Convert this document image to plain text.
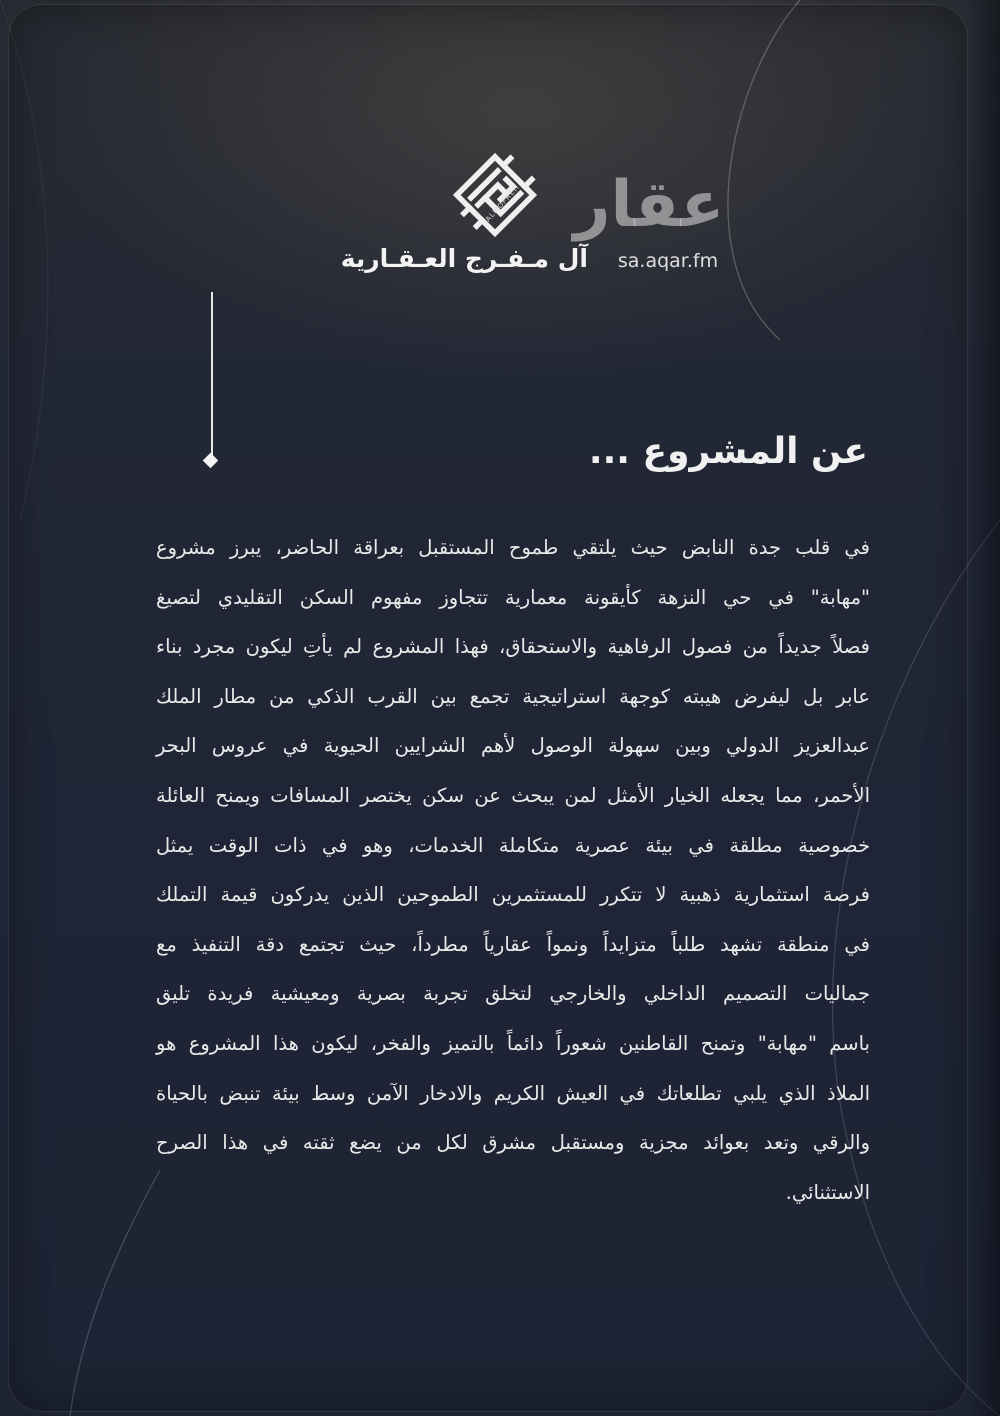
ALMOFREH
آل مـفـرج العـقـارية
عقار
sa.aqar.fm
عن المشروع ...
في قلب جدة النابض حيث يلتقي طموح المستقبل بعراقة الحاضر، يبرز مشروع
"مهابة" في حي النزهة كأيقونة معمارية تتجاوز مفهوم السكن التقليدي لتصيغ
فصلاً جديداً من فصول الرفاهية والاستحقاق، فهذا المشروع لم يأتِ ليكون مجرد بناء
عابر بل ليفرض هيبته كوجهة استراتيجية تجمع بين القرب الذكي من مطار الملك
عبدالعزيز الدولي وبين سهولة الوصول لأهم الشرايين الحيوية في عروس البحر
الأحمر، مما يجعله الخيار الأمثل لمن يبحث عن سكن يختصر المسافات ويمنح العائلة
خصوصية مطلقة في بيئة عصرية متكاملة الخدمات، وهو في ذات الوقت يمثل
فرصة استثمارية ذهبية لا تتكرر للمستثمرين الطموحين الذين يدركون قيمة التملك
في منطقة تشهد طلباً متزايداً ونمواً عقارياً مطرداً، حيث تجتمع دقة التنفيذ مع
جماليات التصميم الداخلي والخارجي لتخلق تجربة بصرية ومعيشية فريدة تليق
باسم "مهابة" وتمنح القاطنين شعوراً دائماً بالتميز والفخر، ليكون هذا المشروع هو
الملاذ الذي يلبي تطلعاتك في العيش الكريم والادخار الآمن وسط بيئة تنبض بالحياة
والرقي وتعد بعوائد مجزية ومستقبل مشرق لكل من يضع ثقته في هذا الصرح
الاستثنائي.
